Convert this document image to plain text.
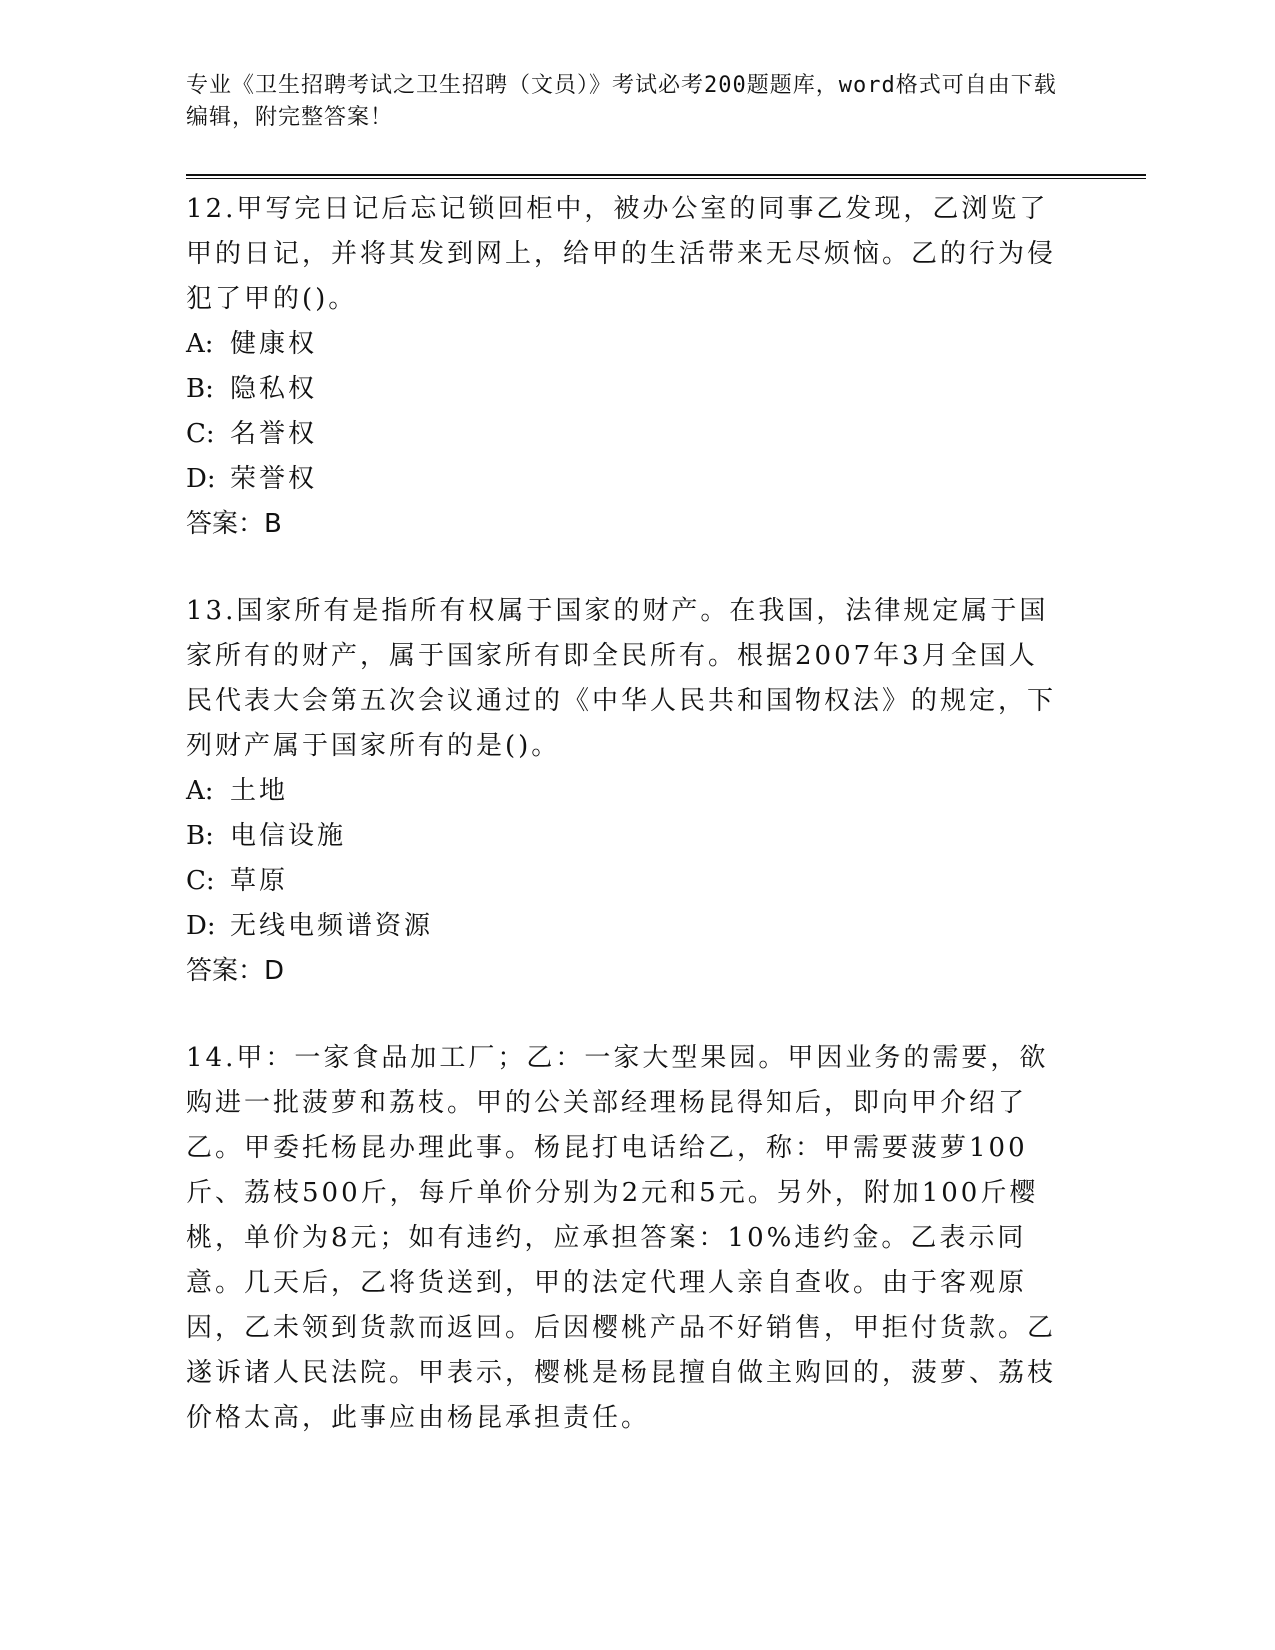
专业《卫生招聘考试之卫生招聘（文员）》考试必考200题题库，word格式可自由下载编辑，附完整答案！

12.甲写完日记后忘记锁回柜中，被办公室的同事乙发现，乙浏览了甲的日记，并将其发到网上，给甲的生活带来无尽烦恼。乙的行为侵犯了甲的()。

A: 健康权

B: 隐私权

C: 名誉权

D: 荣誉权

答案：B

13.国家所有是指所有权属于国家的财产。在我国，法律规定属于国家所有的财产，属于国家所有即全民所有。根据2007年3月全国人民代表大会第五次会议通过的《中华人民共和国物权法》的规定，下列财产属于国家所有的是()。

A: 土地

B: 电信设施

C: 草原

D: 无线电频谱资源

答案：D

14.甲：一家食品加工厂；乙：一家大型果园。甲因业务的需要，欲购进一批菠萝和荔枝。甲的公关部经理杨昆得知后，即向甲介绍了乙。甲委托杨昆办理此事。杨昆打电话给乙，称：甲需要菠萝100斤、荔枝500斤，每斤单价分别为2元和5元。另外，附加100斤樱桃，单价为8元；如有违约，应承担答案：10%违约金。乙表示同意。几天后，乙将货送到，甲的法定代理人亲自查收。由于客观原因，乙未领到货款而返回。后因樱桃产品不好销售，甲拒付货款。乙遂诉诸人民法院。甲表示，樱桃是杨昆擅自做主购回的，菠萝、荔枝价格太高，此事应由杨昆承担责任。
